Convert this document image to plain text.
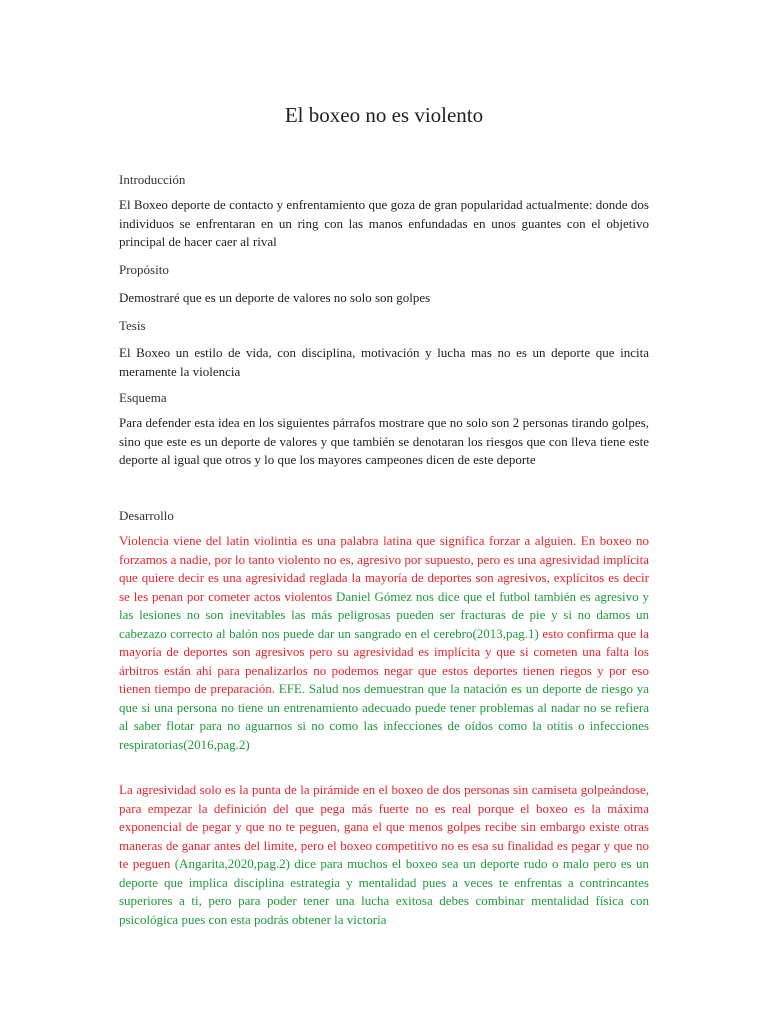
El boxeo no es violento

Introducción

El Boxeo deporte de contacto y enfrentamiento que goza de gran popularidad actualmente: donde dos individuos se enfrentaran en un ring con las manos enfundadas en unos guantes con el objetivo principal de hacer caer al rival

Propósito

Demostraré que es un deporte de valores no solo son golpes

Tesis

El Boxeo un estilo de vida, con disciplina, motivación y lucha mas no es un deporte que incita meramente la violencia

Esquema

Para defender esta idea en los siguientes párrafos mostrare que no solo son 2 personas tirando golpes, sino que este es un deporte de valores y que también se denotaran los riesgos que con lleva tiene este deporte al igual que otros y lo que los mayores campeones dicen de este deporte

Desarrollo

Violencia viene del latin violintia es una palabra latina que significa forzar a alguien. En boxeo no forzamos a nadie, por lo tanto violento no es, agresivo por supuesto, pero es una agresividad implícita que quiere decir es una agresividad reglada la mayoría de deportes son agresivos, explícitos es decir se les penan por cometer actos violentos Daniel Gómez nos dice que el futbol también es agresivo y las lesiones no son inevitables las más peligrosas pueden ser fracturas de pie y si no damos un cabezazo correcto al balón nos puede dar un sangrado en el cerebro(2013,pag.1) esto confirma que la mayoría de deportes son agresivos pero su agresividad es implícita y que si cometen una falta los árbitros están ahí para penalizarlos no podemos negar que estos deportes tienen riegos y por eso tienen tiempo de preparación. EFE. Salud nos demuestran que la natación es un deporte de riesgo ya que si una persona no tiene un entrenamiento adecuado puede tener problemas al nadar no se refiera al saber flotar para no aguarnos si no como las infecciones de oídos como la otitis o infecciones respiratorias(2016,pag.2)

La agresividad solo es la punta de la pirámide en el boxeo de dos personas sin camiseta golpeándose, para empezar la definición del que pega más fuerte no es real porque el boxeo es la máxima exponencial de pegar y que no te peguen, gana el que menos golpes recibe sin embargo existe otras maneras de ganar antes del limite, pero el boxeo competitivo no es esa su finalidad es pegar y que no te peguen (Angarita,2020,pag.2) dice para muchos el boxeo sea un deporte rudo o malo pero es un deporte que implica disciplina estrategia y mentalidad pues a veces te enfrentas a contrincantes superiores a ti, pero para poder tener una lucha exitosa debes combinar mentalidad física con psicológica pues con esta podrás obtener la victoria
